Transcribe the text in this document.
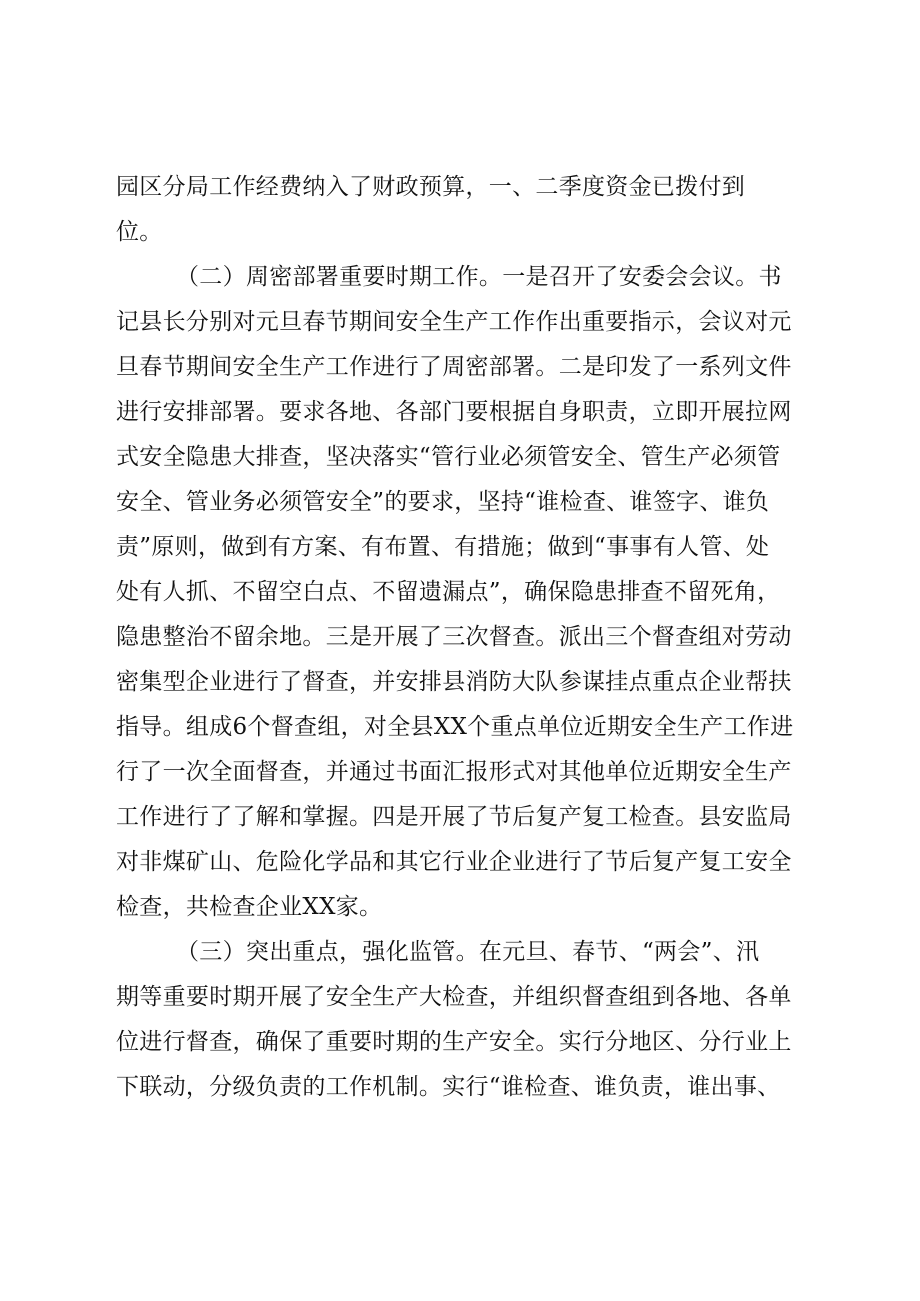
园区分局工作经费纳入了财政预算，一、二季度资金已拨付到
位。
（二）周密部署重要时期工作。一是召开了安委会会议。书
记县长分别对元旦春节期间安全生产工作作出重要指示，会议对元
旦春节期间安全生产工作进行了周密部署。二是印发了一系列文件
进行安排部署。要求各地、各部门要根据自身职责，立即开展拉网
式安全隐患大排查，坚决落实“管行业必须管安全、管生产必须管
安全、管业务必须管安全”的要求，坚持“谁检查、谁签字、谁负
责”原则，做到有方案、有布置、有措施；做到“事事有人管、处
处有人抓、不留空白点、不留遗漏点”，确保隐患排查不留死角，
隐患整治不留余地。三是开展了三次督查。派出三个督查组对劳动
密集型企业进行了督查，并安排县消防大队参谋挂点重点企业帮扶
指导。组成6个督查组，对全县XX个重点单位近期安全生产工作进
行了一次全面督查，并通过书面汇报形式对其他单位近期安全生产
工作进行了了解和掌握。四是开展了节后复产复工检查。县安监局
对非煤矿山、危险化学品和其它行业企业进行了节后复产复工安全
检查，共检查企业XX家。
（三）突出重点，强化监管。在元旦、春节、“两会”、汛
期等重要时期开展了安全生产大检查，并组织督查组到各地、各单
位进行督查，确保了重要时期的生产安全。实行分地区、分行业上
下联动，分级负责的工作机制。实行“谁检查、谁负责，谁出事、
